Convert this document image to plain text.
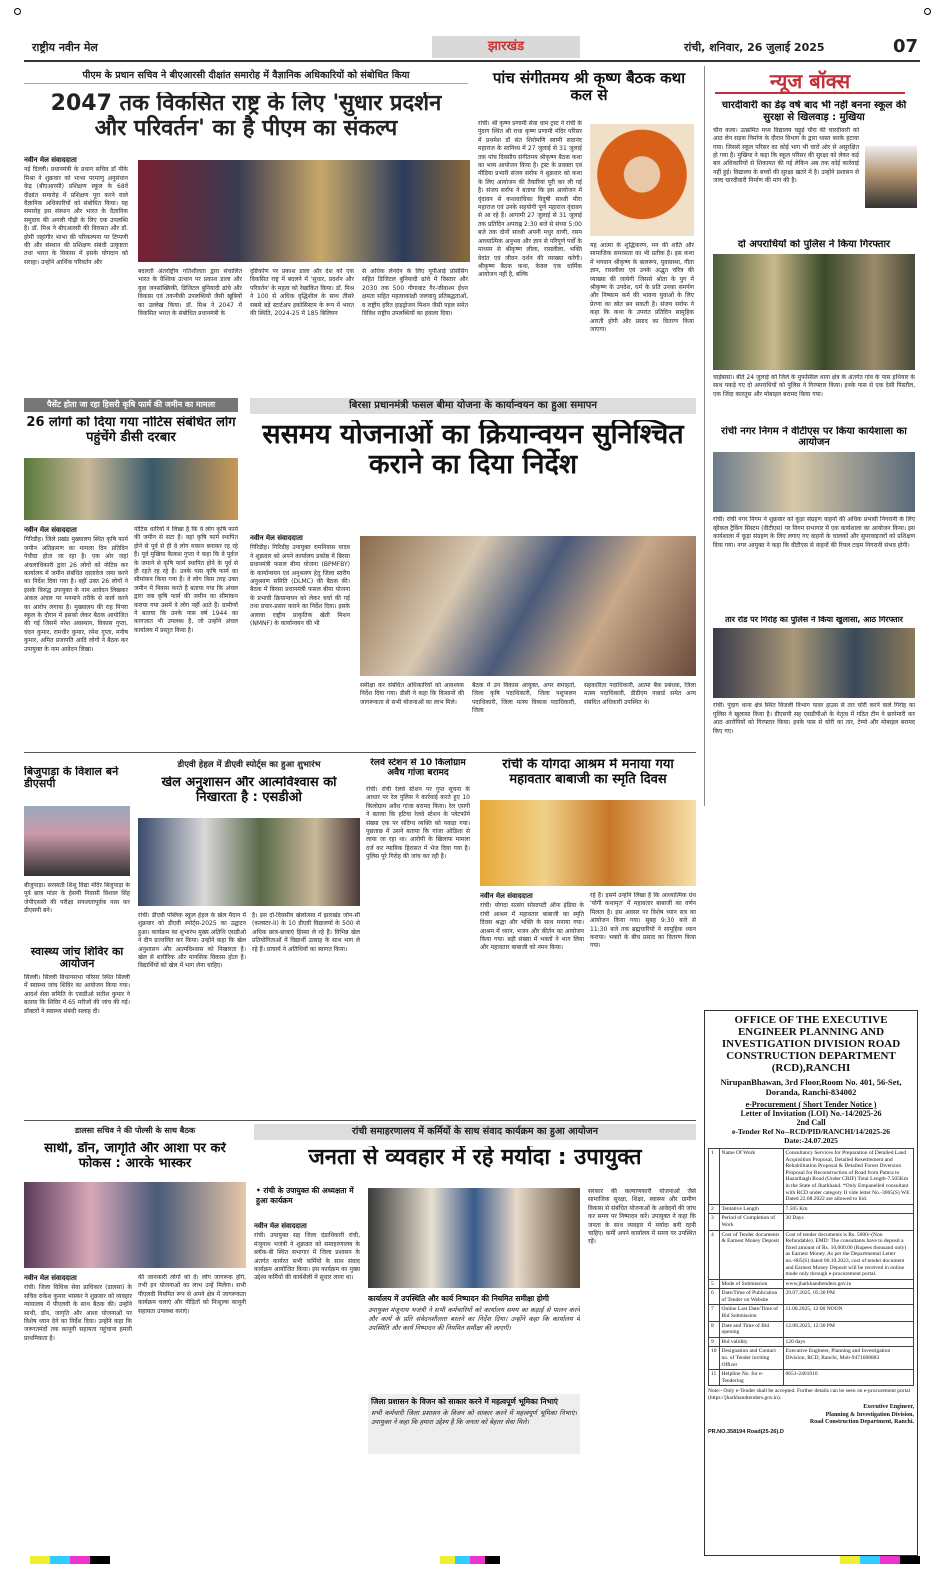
राष्ट्रीय नवीन मेल	झारखंड	रांची, शनिवार, 26 जुलाई 2025	07
पीएम के प्रधान सचिव ने बीएआरसी दीक्षांत समारोह में वैज्ञानिक अधिकारियों को संबोधित किया
2047 तक विकसित राष्ट्र के लिए 'सुधार प्रदर्शन और परिवर्तन' का है पीएम का संकल्प
नवीन मेल संवाददाता
नई दिल्ली। प्रधानमंत्री के प्रधान सचिव डॉ पीके मिश्रा ने शुक्रवार को भाभा परमाणु अनुसंधान केंद्र (बीएआरसी) प्रशिक्षण स्कूल के 68वें दीक्षांत समारोह में प्रशिक्षण पूरा करने वाले वैज्ञानिक अधिकारियों को संबोधित किया। यह समारोह इस संस्थान और भारत के वैज्ञानिक समुदाय की अगली पीढ़ी के लिए एक उपलब्धि है। डॉ. मिश्र ने बीएआरसी की विरासत और डॉ. होमी जहांगीर भाभा की परिकल्पना पर टिप्पणी की और संस्थान की प्रशिक्षण संबंधी उत्कृष्टता तथा भारत के विकास में इसके योगदान को सराहा। उन्होंने आर्थिक परिवर्तन और
बदलती अंतर्राष्ट्रीय गतिशीलता द्वारा संचालित भारत के वैश्विक उत्थान पर प्रकाश डाला और युवा जनसांख्यिकी, डिजिटल बुनियादी ढांचे और विकास एवं तकनीकी उपलब्धियों जैसी खूबियों का उल्लेख किया। डॉ. मिश्र ने 2047 में विकसित भारत के संबोधित प्रधानमंत्री के
दृष्टिकोण पर प्रकाश डाला और देश को एक विकसित राष्ट्र में बदलने में 'सुधार, प्रदर्शन और परिवर्तन' के महत्व को रेखांकित किया। डॉ. मिश्र ने 100 से अधिक वृद्धिशील के साथ तीसरे सबसे बड़े स्टार्टअप इकोसिस्टम के रूप में भारत की स्थिति, 2024-25 में 185 बिलियन
से अधिक लेनदेन के लिए यूपीआई प्रोसेसिंग सहित डिजिटल बुनियादी ढांचे में विस्तार और 2030 तक 500 गीगावाट गैर-जीवाश्म ईंधन क्षमता सहित महत्वाकांक्षी जलवायु प्रतिबद्धताओं, व राष्ट्रीय हरित हाइड्रोजन मिशन जैसी पहल समेत विविध राष्ट्रीय उपलब्धियों का हवाला दिया।
पांच संगीतमय श्री कृष्ण बैठक कथा कल से
रांची। श्री कृष्ण प्रणामी सेवा धाम ट्रस्ट ने रांची के पुंदाग स्थित श्री राधा कृष्ण प्रणामी मंदिर परिसर में प्रथमेश डॉ संत शिरोमणि स्वामी सदानंद महाराज के सानिध्य में 27 जुलाई से 31 जुलाई तक पांच दिवसीय संगीतमय श्रीकृष्ण बैठक कथा का भव्य आयोजन किया है। ट्रस्ट के प्रवक्ता एवं मीडिया प्रभारी संजय सर्राफ ने शुक्रवार को कथा के लिए आयोजन की तैयारियां पूरी कर ली गई है। संजय सर्राफ ने बताया कि इस आयोजन में वृंदावन से कथावाचिका विदुषी साध्वी मीरा महाराज एवं उनके सहयोगी पूर्ण महाराज वृंदावन से आ रहे हैं। आगामी 27 जुलाई से 31 जुलाई तक प्रतिदिन अपराह्न 2:30 बजे से संध्या 5:00 बजे तक दोनों साध्वी अपनी मधुर वाणी, रसम आध्यात्मिक अनुभव और ज्ञान से परिपूर्ण पर्वों के माध्यम से श्रीकृष्ण लीला, रासलीला, भक्ति वेदांत एवं जीवन दर्शन की व्याख्या करेंगी। श्रीकृष्ण बैठक कथा, केवल एक धार्मिक आयोजन नहीं है, बल्कि
यह आत्मा के शुद्धिकरण, मन की शांति और सामाजिक समरसता का भी प्रतीक है। इस कथा में भगवान श्रीकृष्ण के बालरूप, युवावस्था, गीता ज्ञान, रासलीला एवं उनके अद्भुत चरित्र की व्याख्या की जायेगी जिससे श्रोता के युग में श्रीकृष्ण के उपदेश, धर्म के प्रति उनका समर्पण और निष्काम कर्म की भावना युवाओं के लिए प्रेरणा का स्रोत बन सकती है। संजय सर्राफ ने कहा कि कथा के उपरांत प्रतिदिन सामूहिक आरती होगी और प्रसाद का वितरण किया जाएगा।
न्यूज बॉक्स
चारदीवारी का डेढ़ वर्ष बाद भी नहीं बनना स्कूल की सुरक्षा से खिलवाड़ : मुखिया
चौरा कला। उत्क्रमित मध्य विद्यालय चढ़ुई चौरा की चारदीवारी को आठ लेन सड़क निर्माण के दौरान विभाग के द्वारा ध्वस्त करके हटाया गया। जिससे स्कूल परिसर का कोई भाग भी चारों ओर से असुरक्षित हो गया है। मुखिया ने कहा कि स्कूल परिसर की सुरक्षा को लेकर कई बार अधिकारियों से शिकायत की गई लेकिन अब तक कोई कार्रवाई नहीं हुई। विद्यालय के बच्चों की सुरक्षा खतरे में है। उन्होंने प्रशासन से जल्द चारदीवारी निर्माण की मांग की है।
दो अपराधियों को पुलिस ने किया गिरफ्तार
चाईबासा। बीते 24 जुलाई को जिले के मुफस्सिल थाना क्षेत्र के अंतर्गत गांव के पास हथियार के साथ पकड़े गए दो अपराधियों को पुलिस ने गिरफ्तार किया। इनके पास से एक देसी पिस्तौल, एक जिंदा कारतूस और मोबाइल बरामद किया गया।
रांची नगर निगम ने वीटीएस पर किया कार्यशाला का आयोजन
रांची। रांची नगर निगम ने शुक्रवार को कूड़ा संग्रहण वाहनों की अधिक प्रभावी निगरानी के लिए व्हीकल ट्रैकिंग सिस्टम (वीटीएस) पर निगम सभागार में एक कार्यशाला का आयोजन किया। इस कार्यशाला में कूड़ा संग्रहण के लिए लगाए गए वाहनों के चालकों और सुपरवाइजरों को प्रशिक्षण दिया गया। नगर आयुक्त ने कहा कि वीटीएस से वाहनों की रियल टाइम निगरानी संभव होगी।
तार रोड पर गिरोह का पुलिस ने किया खुलासा, आठ गिरफ्तार
रांची। पुंदाग थाना क्षेत्र स्थित विजली विभाग पावर हाउस से तार चोरी करने वाले गिरोह का पुलिस ने खुलासा किया है। डीएसपी सह एसडीपीओ के नेतृत्व में गठित टीम ने छापेमारी कर आठ आरोपियों को गिरफ्तार किया। इनके पास से चोरी का तार, टेम्पो और मोबाइल बरामद किए गए।
पैसेंट होता जा रहा हिसरी कृषि फार्म की जमीन का मामला
26 लोगों को दिया गया नोटिस संबंधित लोग पहुंचेंगे डीसी दरबार
नवीन मेल संवाददाता
गिरिडीह। जिले प्रखंड मुख्यालय स्थित कृषि फार्म जमीन अतिक्रमण का मामला दिन प्रतिदिन पेचीदा होता जा रहा है। एक ओर जहां अंचलाधिकारी द्वारा 26 लोगों को नोटिस कर कार्यालय में जमीन संबंधित दस्तावेज जमा करने का निर्देश दिया गया है। वहीं उक्त 26 लोगों ने इसके विरुद्ध उपायुक्त के नाम आवेदन लिखकर अंकल अंचल पर मनमाने तरीके से कार्य करने का आरोप लगाया है। मुख्यालय की राह पिपरा स्कूल के दौरान में इसको लेकर बैठक आयोजित की गई जिसमें नरेश अवस्थान, विकास गुप्ता, चंदन कुमार, रामधीर कुमार, रमेश गुप्ता, मनीष कुमार, अमित प्रजापति आदि लोगों ने बैठक कर उपायुक्त के नाम आवेदन लिखा।
नोटिस धारियों ने लिखा है कि वे लोग कृषि फार्म की जमीन से सटा है। वहां कृषि फार्म स्थापित होने से पूर्व से ही वे लोग मकान बनाकर रह रहे हैं। पूर्व मुखिया कैलाश गुप्ता ने कहा कि वे पूर्वज के जमाने से कृषि फार्म स्थापित होने के पूर्व से ही रहते रह रहे हैं। उनके पास कृषि फार्म का सीमांकन किया गया है। वे लोग किस तरह उक्त जमीन में निवास करते हैं बताया गया कि अंचल द्वारा जब कृषि फार्म की जमीन का सीमांकन कराया गया उसमें वे लोग नहीं आते हैं। ग्रामीणों ने बताया कि उनके पास वर्ष 1944 का कागजात भी उपलब्ध है, जो उन्होंने अंचल कार्यालय में प्रस्तुत किया है।
बिरसा प्रधानमंत्री फसल बीमा योजना के कार्यान्वयन का हुआ समापन
ससमय योजनाओं का क्रियान्वयन सुनिश्चित कराने का दिया निर्देश
नवीन मेल संवाददाता
गिरिडीह। गिरिडीह उपायुक्त रामनिवास यादव ने शुक्रवार को अपने कार्यालय प्रकोष्ठ में बिरसा प्रधानमंत्री फसल बीमा योजना (BPMFBY) के कार्यान्वयन एवं अनुश्रवण हेतु जिला स्तरीय अनुश्रवण समिति (DLMC) की बैठक की। बैठक में बिरसा प्रधानमंत्री फसल बीमा योजना के प्रभावी क्रियान्वयन को लेकर चर्चा की गई तथा प्रचार-प्रसार कराने का निर्देश दिया। इसके अलावा राष्ट्रीय प्राकृतिक खेती मिशन (NMNF) के कार्यान्वयन की भी
समीक्षा कर संबंधित अधिकारियों को आवश्यक निर्देश दिया गया। डीसी ने कहा कि किसानों की जागरूकता से सभी योजनाओं का लाभ मिले।
बैठक में उप विकास आयुक्त, अपर समाहर्ता, जिला कृषि पदाधिकारी, जिला पशुपालन पदाधिकारी, जिला मत्स्य विकास पदाधिकारी, जिला
सहकारिता पदाधिकारी, आत्मा बैंक प्रबंधक, जिला मत्स्य पदाधिकारी, डीडीएम नाबार्ड समेत अन्य संबंधित अधिकारी उपस्थित थे।
बिजुपाड़ा के विशाल बने डीएसपी
बीजुपाड़ा। सरस्वती शिशु विद्या मंदिर बिजुपाड़ा के पूर्व छात्र मांडर के हेसमी निवासी विशाल सिंह जेपीएससी की परीक्षा सफलतापूर्वक पास कर डीएसपी बने।
स्वास्थ्य जांच शिविर का आयोजन
सिल्ली। सिल्ली विधानसभा परिसर स्थित सिल्ली में स्वास्थ्य जांच शिविर का आयोजन किया गया। आदर्श सेवा समिति के एसडीओ सतीश कुमार ने बताया कि शिविर में 65 मरीजों की जांच की गई। डॉक्टरों ने स्वास्थ्य संबंधी सलाह दी।
डीएवी हेहल में डीएवी स्पोर्ट्स का हुआ शुभारंभ
खेल अनुशासन और आत्मविश्वास को निखारता है : एसडीओ
रांची। डीएवी पब्लिक स्कूल हेहल के खेल मैदान में शुक्रवार को डीएवी स्पोर्ट्स-2025 का उद्घाटन हुआ। कार्यक्रम का शुभारंभ मुख्य अतिथि एसडीओ ने दीप प्रज्वलित कर किया। उन्होंने कहा कि खेल अनुशासन और आत्मविश्वास को निखारता है। खेल से शारीरिक और मानसिक विकास होता है। विद्यार्थियों को खेल में भाग लेना चाहिए।
है। इस दो-दिवसीय खेलोत्सव में झारखंड जोन-सी (कलस्टर-II) के 10 डीएवी विद्यालयों के 500 से अधिक छात्र-छात्राएं हिस्सा ले रहे हैं। विभिन्न खेल प्रतियोगिताओं में विद्यार्थी उत्साह के साथ भाग ले रहे हैं। प्राचार्य ने अतिथियों का स्वागत किया।
रेलवे स्टेशन से 10 किलोग्राम अवैध गांजा बरामद
रांची। रांची रेलवे स्टेशन पर गुप्त सूचना के आधार पर रेल पुलिस ने कार्रवाई करते हुए 10 किलोग्राम अवैध गांजा बरामद किया। रेल एसपी ने बताया कि हटिया रेलवे स्टेशन के प्लेटफॉर्म संख्या एक पर संदिग्ध व्यक्ति को पकड़ा गया। पूछताछ में उसने बताया कि गांजा ओडिशा से लाया जा रहा था। आरोपी के खिलाफ मामला दर्ज कर न्यायिक हिरासत में भेज दिया गया है। पुलिस पूरे गिरोह की जांच कर रही है।
रांची के योगदा आश्रम में मनाया गया महावतार बाबाजी का स्मृति दिवस
नवीन मेल संवाददाता
रांची। योगदा सत्संग सोसायटी ऑफ इंडिया के रांची आश्रम में महावतार बाबाजी का स्मृति दिवस श्रद्धा और भक्ति के साथ मनाया गया। आश्रम में ध्यान, भजन और कीर्तन का आयोजन किया गया। बड़ी संख्या में भक्तों ने भाग लिया और महावतार बाबाजी को नमन किया।
रहे हैं। इसमें उन्होंने लिखा है कि आध्यात्मिक ग्रंथ 'योगी कथामृत' में महावतार बाबाजी का वर्णन मिलता है। इस अवसर पर विशेष ध्यान सत्र का आयोजन किया गया। सुबह 9:30 बजे से 11:30 बजे तक ब्रह्मचारियों ने सामूहिक ध्यान कराया। भक्तों के बीच प्रसाद का वितरण किया गया।
डालसा सचिव ने की पोल्सी के साथ बैठक
साथी, डॉन, जागृति और आशा पर करें फोकस : आरके भास्कर
नवीन मेल संवाददाता
रांची। जिला विधिक सेवा प्राधिकार (डालसा) के सचिव राकेश कुमार भास्कर ने शुक्रवार को व्यवहार न्यायालय में पीएलवी के साथ बैठक की। उन्होंने साथी, डॉन, जागृति और आशा योजनाओं पर विशेष ध्यान देने का निर्देश दिया। उन्होंने कहा कि जरूरतमंदों तक कानूनी सहायता पहुंचाना हमारी प्राथमिकता है।
की जानकारी लोगों को दें। लोग जागरूक होंगे, तभी इन योजनाओं का लाभ उन्हें मिलेगा। सभी पीएलवी नियमित रूप से अपने क्षेत्र में जागरूकता कार्यक्रम चलाएं और पीड़ितों को निःशुल्क कानूनी सहायता उपलब्ध कराएं।
रांची समाहरणालय में कर्मियों के साथ संवाद कार्यक्रम का हुआ आयोजन
जनता से व्यवहार में रहे मर्यादा : उपायुक्त
• रांची के उपायुक्त की अध्यक्षता में हुआ कार्यक्रम
नवीन मेल संवाददाता
रांची। उपायुक्त सह जिला दंडाधिकारी रांची, मंजूनाथ भजंत्री ने शुक्रवार को समाहरणालय के ब्लॉक-बी स्थित सभागार में जिला प्रशासन के अंतर्गत कार्यरत सभी कर्मियों के साथ संवाद कार्यक्रम आयोजित किया। इस कार्यक्रम का मुख्य उद्देश्य कर्मियों की कार्यशैली में सुधार लाना था।
कार्यालय में उपस्थिति और कार्य निष्पादन की नियमित समीक्षा होगी
उपायुक्त मंजूनाथ भजंत्री ने सभी कर्मचारियों को कार्यालय समय का कड़ाई से पालन करने और कार्य के प्रति संवेदनशीलता बरतने का निर्देश दिया। उन्होंने कहा कि कार्यालय में उपस्थिति और कार्य निष्पादन की नियमित समीक्षा की जाएगी।
जिला प्रशासन के विजन को साकार करने में महत्वपूर्ण भूमिका निभाएं
सभी कर्मचारी जिला प्रशासन के विजन को साकार करने में महत्वपूर्ण भूमिका निभाएं। उपायुक्त ने कहा कि हमारा उद्देश्य है कि जनता को बेहतर सेवा मिले।
सरकार की कल्याणकारी योजनाओं जैसे सामाजिक सुरक्षा, शिक्षा, स्वास्थ्य और ग्रामीण विकास से संबंधित योजनाओं के आवेदनों की जांच कर समय पर निष्पादन करें। उपायुक्त ने कहा कि जनता के साथ व्यवहार में मर्यादा बनी रहनी चाहिए। कर्मी अपने कार्यालय में समय पर उपस्थित रहें।
OFFICE OF THE EXECUTIVE ENGINEER PLANNING AND INVESTIGATION DIVISION ROAD CONSTRUCTION DEPARTMENT (RCD),RANCHI
NirupanBhawan, 3rd Floor,Room No. 401, 56-Set, Doranda, Ranchi-834002
e-Procurement ( Short Tender Notice )
Letter of Invitation (LOI) No.-14/2025-26
2nd Call
e-Tender Ref No--RCD/PID/RANCHI/14/2025-26
Date:-24.07.2025
1	Name Of Work	Consultancy Services for Preparation of Detailed Land Acquisition Proposal, Detailed Resettlement and Rehabilitation Proposal & Detailed Forest Diversion Proposal for Reconstruction of Road from Pamra to Hazaribagh Road (Under CRIF) Total Length-7.505Km in the State of Jharkhand. *Only Empanelled consultant with RCD under category II vide letter No.-3065(S) WE Dated 22.08.2022 are allowed to bid.
2	Tentative Length	7.505 Km
3	Period of Completion of Work	30 Days
4	Cost of Tender documents & Earnest Money Deposit	Cost of tender documents is Rs. 5000/-(Non Refundable). EMD: The consultants have to deposit a fixed amount of Rs. 10,000.00 (Rupees thousand only) as Earnest Money. As per the Departmental Letter no.-865(S) dated 06.10.2023, cost of tender document and Earnest Money Deposit will be received in online mode only through e-procurement portal.
5	Mode of Submission	www.jharkhandtenders.gov.in
6	Date/Time of Publication of Tender on Website	29.07.2025, 05:30 PM
7	Online Last Date/Time of Bid Submission	11.08.2025, 12:00 NOON
8	Date and Time of Bid opening	12.08.2025, 12:30 PM
9	Bid validity	120 days
10	Designation and Contact no. of Tender inviting Officer	Executive Engineer, Planning and Investigation Division, RCD, Ranchi, Mob-9471608883
11	Helpline No. for e-Tendering	0651-2401010
Note:- Only e-Tender shall be accepted. Further details can be seen on e-procurement portal (https://jharkhandtenders.gov.in).
Executive Engineer,
Planning & Investigation Division,
Road Construction Department, Ranchi.
PR.NO.358194 Road(25-26).D
